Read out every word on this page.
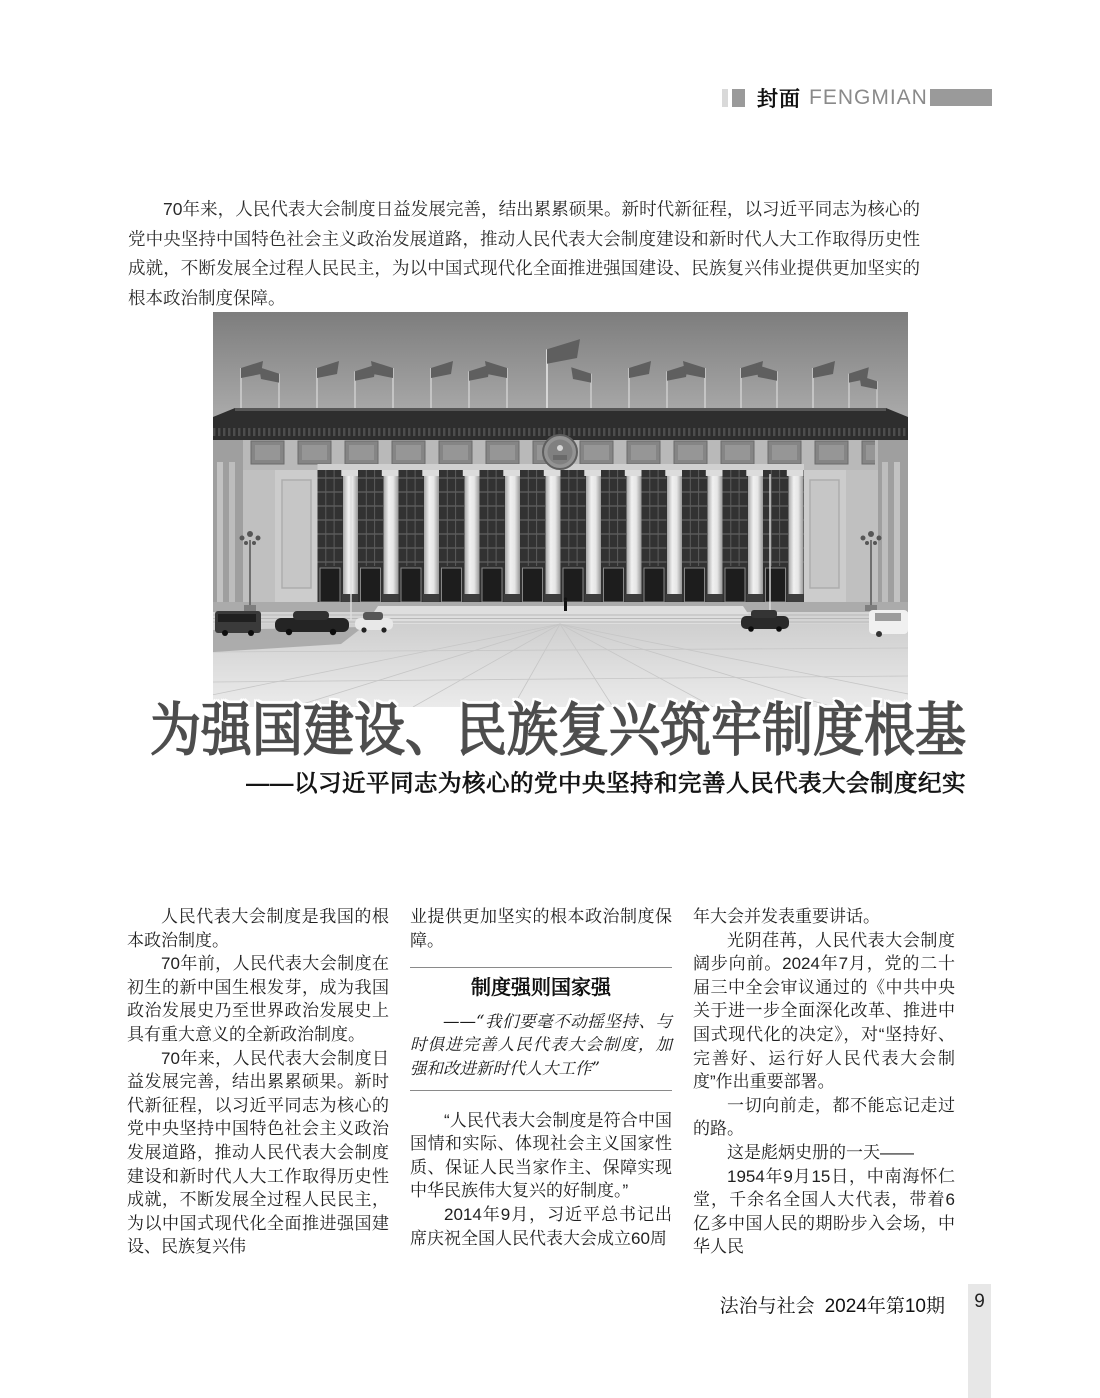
封面 FENGMIAN
70年来，人民代表大会制度日益发展完善，结出累累硕果。新时代新征程，以习近平同志为核心的党中央坚持中国特色社会主义政治发展道路，推动人民代表大会制度建设和新时代人大工作取得历史性成就，不断发展全过程人民民主，为以中国式现代化全面推进强国建设、民族复兴伟业提供更加坚实的根本政治制度保障。
为强国建设、民族复兴筑牢制度根基
——以习近平同志为核心的党中央坚持和完善人民代表大会制度纪实

人民代表大会制度是我国的根本政治制度。

70年前，人民代表大会制度在初生的新中国生根发芽，成为我国政治发展史乃至世界政治发展史上具有重大意义的全新政治制度。

70年来，人民代表大会制度日益发展完善，结出累累硕果。新时代新征程，以习近平同志为核心的党中央坚持中国特色社会主义政治发展道路，推动人民代表大会制度建设和新时代人大工作取得历史性成就，不断发展全过程人民民主，为以中国式现代化全面推进强国建设、民族复兴伟

业提供更加坚实的根本政治制度保障。

制度强则国家强

——“我们要毫不动摇坚持、与时俱进完善人民代表大会制度，加强和改进新时代人大工作”

“人民代表大会制度是符合中国国情和实际、体现社会主义国家性质、保证人民当家作主、保障实现中华民族伟大复兴的好制度。”

2014年9月，习近平总书记出席庆祝全国人民代表大会成立60周

年大会并发表重要讲话。

光阴荏苒，人民代表大会制度阔步向前。2024年7月，党的二十届三中全会审议通过的《中共中央关于进一步全面深化改革、推进中国式现代化的决定》，对“坚持好、完善好、运行好人民代表大会制度”作出重要部署。

一切向前走，都不能忘记走过的路。

这是彪炳史册的一天——

1954年9月15日，中南海怀仁堂，千余名全国人大代表，带着6亿多中国人民的期盼步入会场，中华人民

法治与社会 2024年第10期	9
